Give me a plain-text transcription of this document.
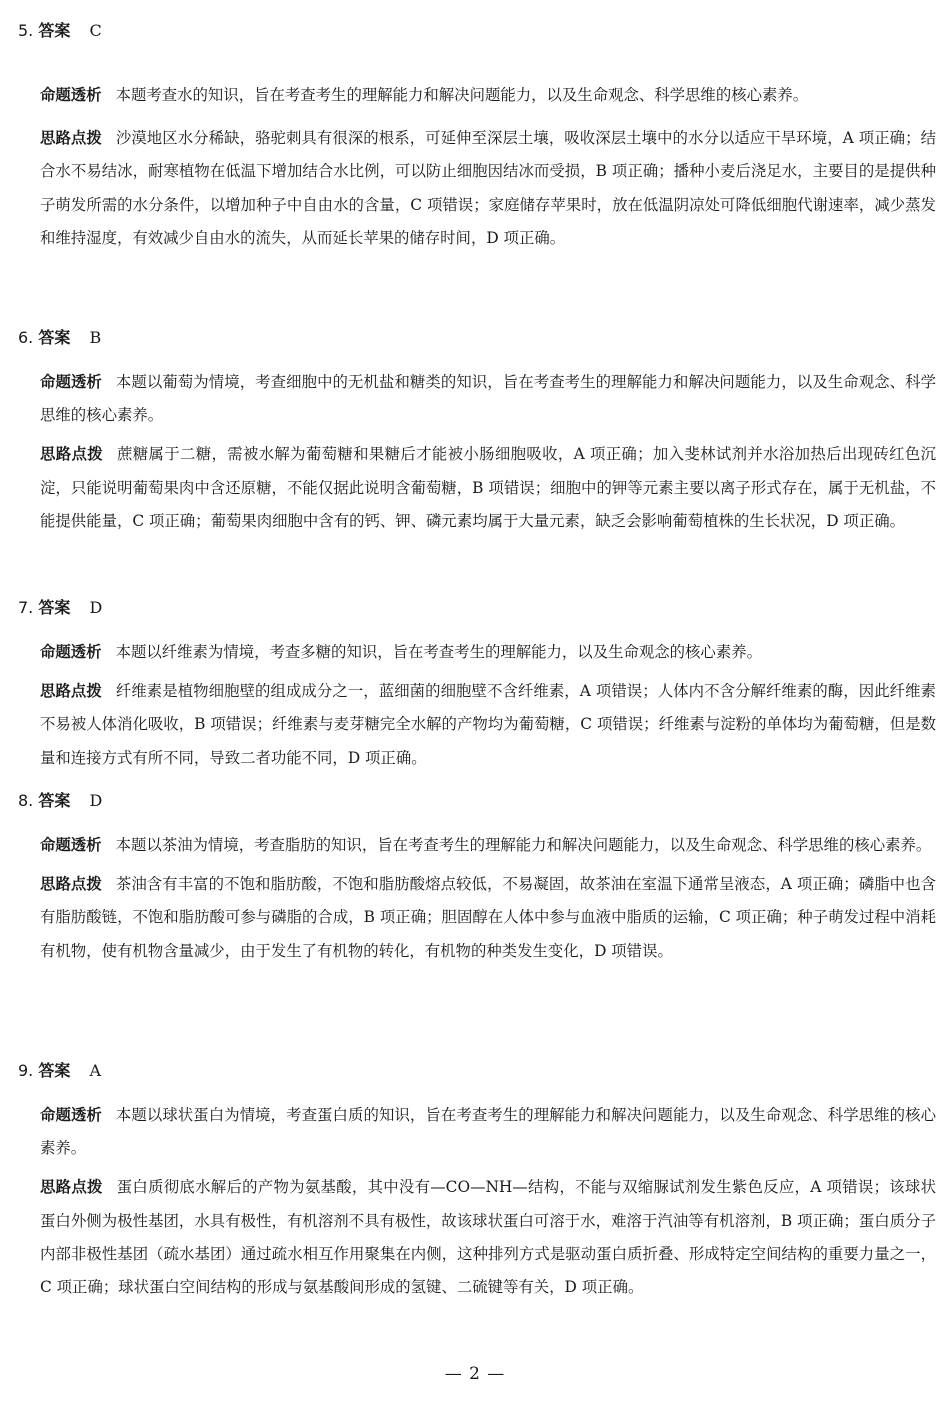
5. 答案 C
命题透析 本题考查水的知识，旨在考查考生的理解能力和解决问题能力，以及生命观念、科学思维的核心素养。
思路点拨 沙漠地区水分稀缺，骆驼刺具有很深的根系，可延伸至深层土壤，吸收深层土壤中的水分以适应干旱环境，A 项正确；结合水不易结冰，耐寒植物在低温下增加结合水比例，可以防止细胞因结冰而受损，B 项正确；播种小麦后浇足水，主要目的是提供种子萌发所需的水分条件，以增加种子中自由水的含量，C 项错误；家庭储存苹果时，放在低温阴凉处可降低细胞代谢速率，减少蒸发和维持湿度，有效减少自由水的流失，从而延长苹果的储存时间，D 项正确。
6. 答案 B
命题透析 本题以葡萄为情境，考查细胞中的无机盐和糖类的知识，旨在考查考生的理解能力和解决问题能力，以及生命观念、科学思维的核心素养。
思路点拨 蔗糖属于二糖，需被水解为葡萄糖和果糖后才能被小肠细胞吸收，A 项正确；加入斐林试剂并水浴加热后出现砖红色沉淀，只能说明葡萄果肉中含还原糖，不能仅据此说明含葡萄糖，B 项错误；细胞中的钾等元素主要以离子形式存在，属于无机盐，不能提供能量，C 项正确；葡萄果肉细胞中含有的钙、钾、磷元素均属于大量元素，缺乏会影响葡萄植株的生长状况，D 项正确。
7. 答案 D
命题透析 本题以纤维素为情境，考查多糖的知识，旨在考查考生的理解能力，以及生命观念的核心素养。
思路点拨 纤维素是植物细胞壁的组成成分之一，蓝细菌的细胞壁不含纤维素，A 项错误；人体内不含分解纤维素的酶，因此纤维素不易被人体消化吸收，B 项错误；纤维素与麦芽糖完全水解的产物均为葡萄糖，C 项错误；纤维素与淀粉的单体均为葡萄糖，但是数量和连接方式有所不同，导致二者功能不同，D 项正确。
8. 答案 D
命题透析 本题以茶油为情境，考查脂肪的知识，旨在考查考生的理解能力和解决问题能力，以及生命观念、科学思维的核心素养。
思路点拨 茶油含有丰富的不饱和脂肪酸，不饱和脂肪酸熔点较低，不易凝固，故茶油在室温下通常呈液态，A 项正确；磷脂中也含有脂肪酸链，不饱和脂肪酸可参与磷脂的合成，B 项正确；胆固醇在人体中参与血液中脂质的运输，C 项正确；种子萌发过程中消耗有机物，使有机物含量减少，由于发生了有机物的转化，有机物的种类发生变化，D 项错误。
9. 答案 A
命题透析 本题以球状蛋白为情境，考查蛋白质的知识，旨在考查考生的理解能力和解决问题能力，以及生命观念、科学思维的核心素养。
思路点拨 蛋白质彻底水解后的产物为氨基酸，其中没有—CO—NH—结构，不能与双缩脲试剂发生紫色反应，A 项错误；该球状蛋白外侧为极性基团，水具有极性，有机溶剂不具有极性，故该球状蛋白可溶于水，难溶于汽油等有机溶剂，B 项正确；蛋白质分子内部非极性基团（疏水基团）通过疏水相互作用聚集在内侧，这种排列方式是驱动蛋白质折叠、形成特定空间结构的重要力量之一，C 项正确；球状蛋白空间结构的形成与氨基酸间形成的氢键、二硫键等有关，D 项正确。
— 2 —
